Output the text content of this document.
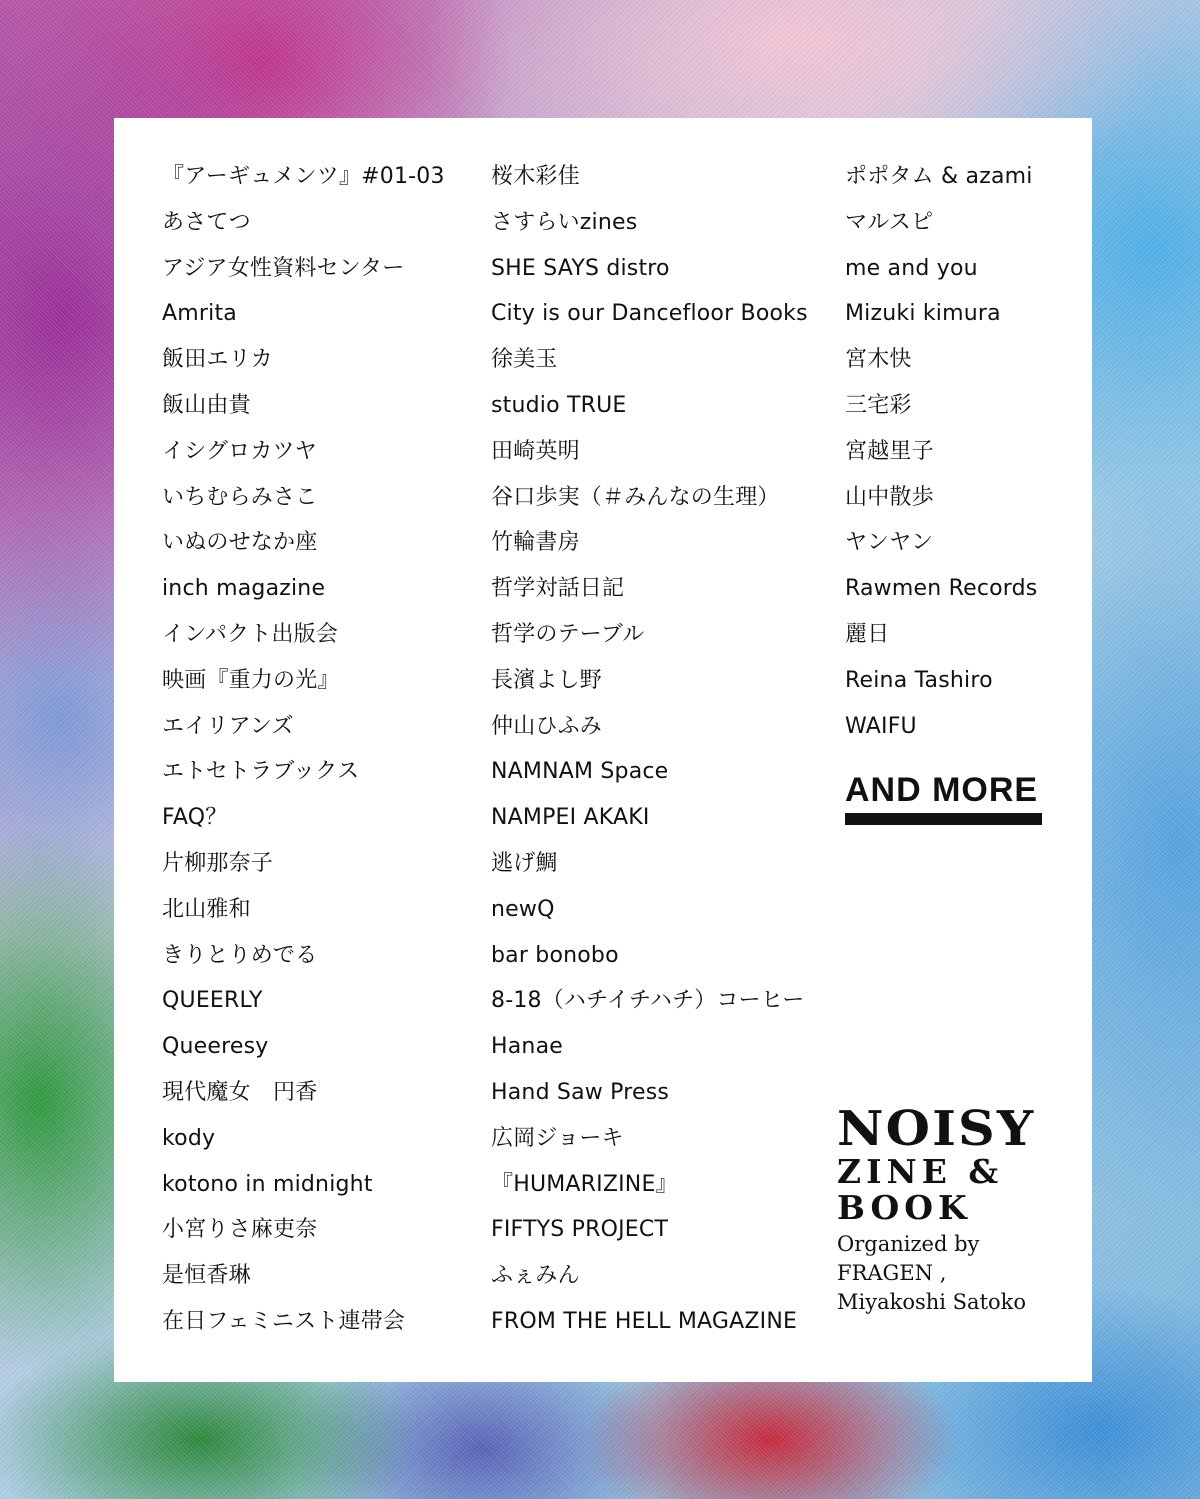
『アーギュメンツ』#01-03
あさてつ
アジア女性資料センター
Amrita
飯田エリカ
飯山由貴
イシグロカツヤ
いちむらみさこ
いぬのせなか座
inch magazine
インパクト出版会
映画『重力の光』
エイリアンズ
エトセトラブックス
FAQ？
片柳那奈子
北山雅和
きりとりめでる
QUEERLY
Queeresy
現代魔女　円香
kody
kotono in midnight
小宮りさ麻吏奈
是恒香琳
在日フェミニスト連帯会
桜木彩佳
さすらいzines
SHE SAYS distro
City is our Dancefloor Books
徐美玉
studio TRUE
田崎英明
谷口歩実（＃みんなの生理）
竹輪書房
哲学対話日記
哲学のテーブル
長濱よし野
仲山ひふみ
NAMNAM Space
NAMPEI AKAKI
逃げ鯛
newQ
bar bonobo
8-18（ハチイチハチ）コーヒー
Hanae
Hand Saw Press
広岡ジョーキ
『HUMARIZINE』
FIFTYS PROJECT
ふぇみん
FROM THE HELL MAGAZINE
ポポタム & azami
マルスピ
me and you
Mizuki kimura
宮木快
三宅彩
宮越里子
山中散歩
ヤンヤン
Rawmen Records
麗日
Reina Tashiro
WAIFU
AND MORE
NOISY
ZINE &
BOOK
Organized by
FRAGEN ,
Miyakoshi Satoko
